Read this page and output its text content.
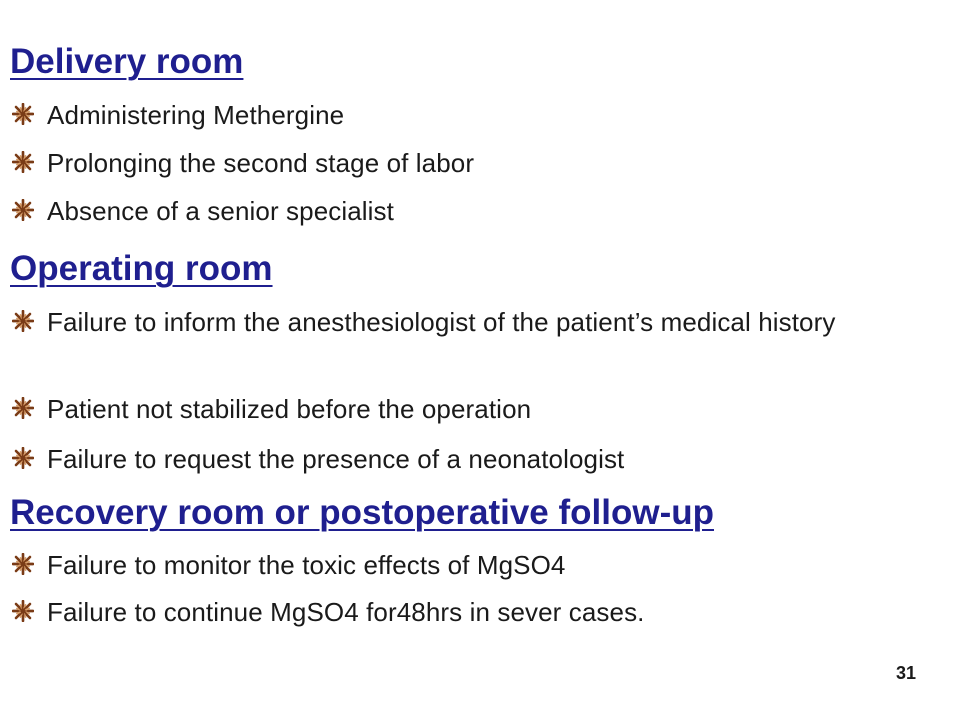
Delivery room
Administering Methergine
Prolonging the second stage of labor
Absence of a senior specialist
Operating room
Failure to inform the anesthesiologist of the patient’s medical history
Patient not stabilized before the operation
Failure to request the presence of a neonatologist
Recovery room or postoperative follow-up
Failure to monitor the toxic effects of MgSO4
Failure to continue MgSO4 for48hrs in sever cases.
31
